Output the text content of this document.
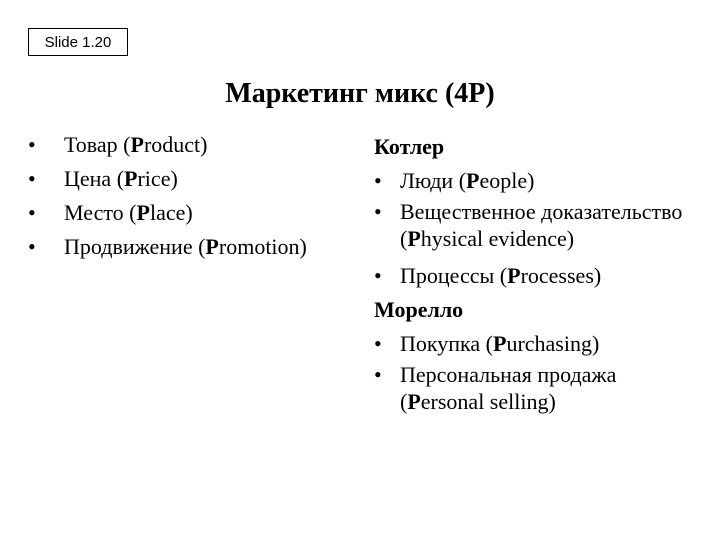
Slide 1.20
Маркетинг микс (4P)
• Товар (Product)
• Цена (Price)
• Место (Place)
• Продвижение (Promotion)
Котлер
• Люди (People)
• Вещественное доказательство (Physical evidence)
• Процессы (Processes)
Морелло
• Покупка (Purchasing)
• Персональная продажа (Personal selling)
